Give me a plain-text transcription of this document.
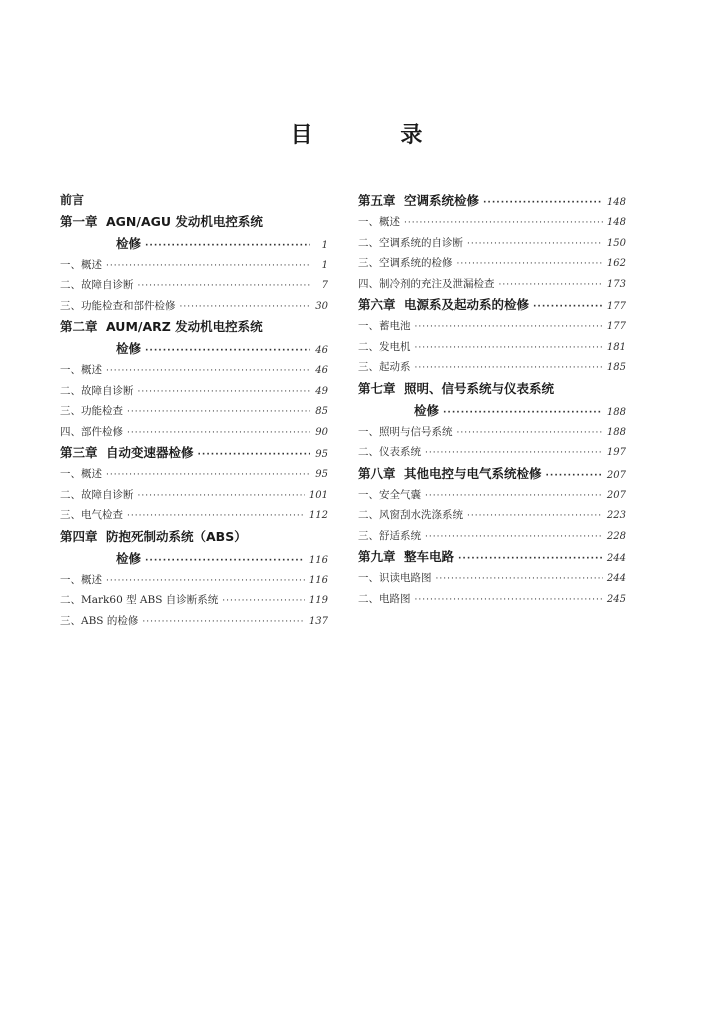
目 录
前言
第一章 AGN/AGU 发动机电控系统
检修 ·····	1
一、概述 ·····	1
二、故障自诊断 ·····	7
三、功能检查和部件检修 ·····	30
第二章 AUM/ARZ 发动机电控系统
检修 ·····	46
一、概述 ·····	46
二、故障自诊断 ·····	49
三、功能检查 ·····	85
四、部件检修 ·····	90
第三章 自动变速器检修 ·····	95
一、概述 ·····	95
二、故障自诊断 ·····	101
三、电气检查 ·····	112
第四章 防抱死制动系统（ABS）
检修 ·····	116
一、概述 ·····	116
二、Mark60 型 ABS 自诊断系统 ·····	119
三、ABS 的检修 ·····	137
第五章 空调系统检修 ·····	148
一、概述 ·····	148
二、空调系统的自诊断 ·····	150
三、空调系统的检修 ·····	162
四、制冷剂的充注及泄漏检查 ·····	173
第六章 电源系及起动系的检修 ·····	177
一、蓄电池 ·····	177
二、发电机 ·····	181
三、起动系 ·····	185
第七章 照明、信号系统与仪表系统
检修 ·····	188
一、照明与信号系统 ·····	188
二、仪表系统 ·····	197
第八章 其他电控与电气系统检修 ·····	207
一、安全气囊 ·····	207
二、风窗刮水洗涤系统 ·····	223
三、舒适系统 ·····	228
第九章 整车电路 ·····	244
一、识读电路图 ·····	244
二、电路图 ·····	245
